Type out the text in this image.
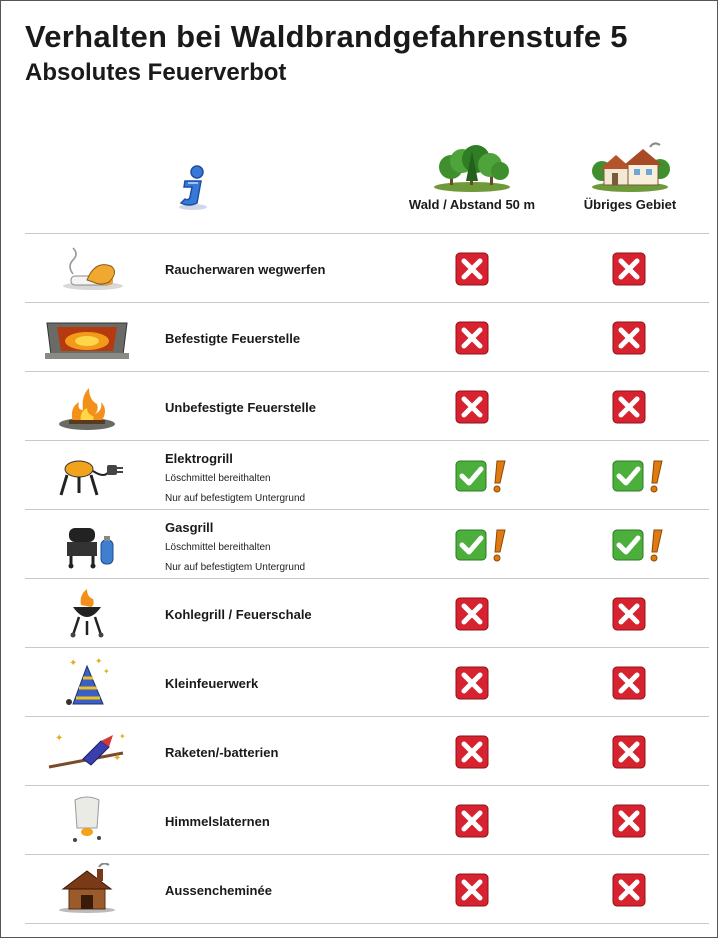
Verhalten bei Waldbrandgefahrenstufe 5
Absolutes Feuerverbot
Wald / Abstand 50 m	Übriges Gebiet
Raucherwaren wegwerfen
Befestigte Feuerstelle
Unbefestigte Feuerstelle
Elektrogrill
Löschmittel bereithalten
Nur auf befestigtem Untergrund
Gasgrill
Löschmittel bereithalten
Nur auf befestigtem Untergrund
Kohlegrill / Feuerschale
✦ ✦
✦
Kleinfeuerwerk
✦
✦
✦
Raketen/-batterien
Himmelslaternen
Aussencheminée
